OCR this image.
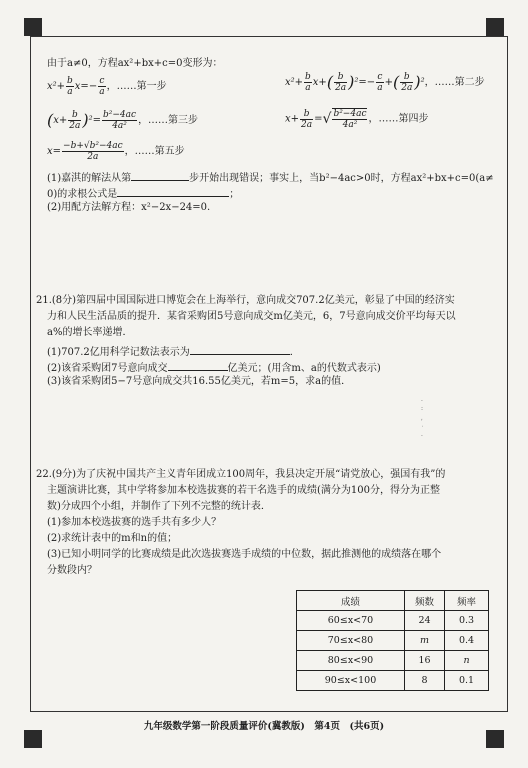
由于a≠0，方程ax²+bx+c=0变形为：
$x^2+ \frac{b}{a} x=- \frac{c}{a}$ ，……第一步	$x^2+ \frac{b}{a} x+( \frac{b}{2a} )^2=- \frac{c}{a}$ +( $\frac{b}{2a} )^2$，……第二步
$(x+ \frac{b}{2a} )^2= \frac{\text{b²−4ac}}{\text{4a²}}$ ，……第三步	$x+ \frac{b}{2a}$ =√ $\frac{\text{b²−4ac}}{\text{4a²}}$ ，……第四步
$x= \frac{\text{−b+√b²−4ac}}{2a}$ ，……第五步
(1)嘉淇的解法从第	步开始出现错误；事实上，当b²−4ac>0时，方程ax²+bx+c=0(a≠
0)的求根公式是	；
(2)用配方法解方程：x²−2x−24=0.
21.(8分)第四届中国国际进口博览会在上海举行，意向成交707.2亿美元，彰显了中国的经济实
力和人民生活品质的提升．某省采购团5号意向成交m亿美元，6，7号意向成交价平均每天以
a%的增长率递增．
(1)707.2亿用科学记数法表示为	．
(2)该省采购团7号意向成交	亿美元；(用含m、a的代数式表示)
(3)该省采购团5−7号意向成交共16.55亿美元，若m=5，求a的值．
·
:

ʹ
˙
·
22.(9分)为了庆祝中国共产主义青年团成立100周年，我县决定开展“请党放心，强国有我”的
主题演讲比赛，其中学将参加本校选拔赛的若干名选手的成绩(满分为100分，得分为正整
数)分成四个小组，并制作了下列不完整的统计表．
(1)参加本校选拔赛的选手共有多少人？
(2)求统计表中的m和n的值；
(3)已知小明同学的比赛成绩是此次选拔赛选手成绩的中位数，据此推测他的成绩落在哪个
分数段内？
成绩	频数	频率
60≤x<70	24	0.3
70≤x<80	m	0.4
80≤x<90	16	n
90≤x<100	8	0.1
九年级数学第一阶段质量评价(冀教版)　第4页　(共6页)
